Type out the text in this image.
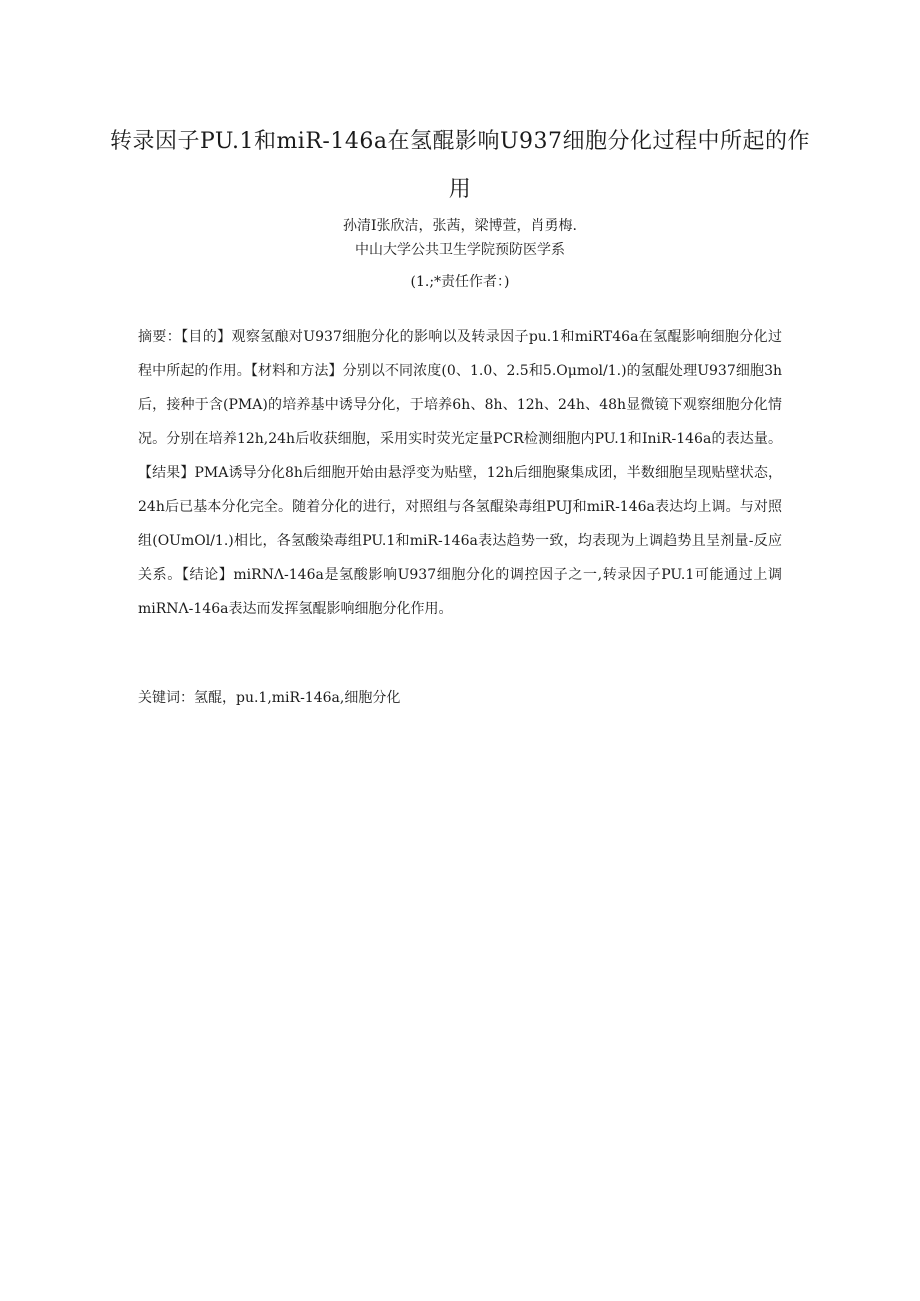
转录因子PU.1和miR-146a在氢醌影响U937细胞分化过程中所起的作用
孙清I张欣洁，张茜，梁博萱，肖勇梅.
中山大学公共卫生学院预防医学系
(1.;*责任作者：)

摘要：【目的】观察氢酿对U937细胞分化的影响以及转录因子pu.1和miRT46a在氢醌影响细胞分化过程中所起的作用。【材料和方法】分别以不同浓度(0、1.0、2.5和5.Oμmol/1.)的氢醌处理U937细胞3h后，接种于含(PMA)的培养基中诱导分化，于培养6h、8h、12h、24h、48h显微镜下观察细胞分化情况。分别在培养12h,24h后收获细胞，采用实时荧光定量PCR检测细胞内PU.1和IniR-146a的表达量。【结果】PMA诱导分化8h后细胞开始由悬浮变为贴壁，12h后细胞聚集成团，半数细胞呈现贴壁状态，24h后已基本分化完全。随着分化的进行，对照组与各氢醌染毒组PUJ和miR-146a表达均上调。与对照组(OUmOl/1.)相比，各氢酸染毒组PU.1和miR-146a表达趋势一致，均表现为上调趋势且呈剂量-反应关系。【结论】miRNΛ-146a是氢酸影响U937细胞分化的调控因子之一,转录因子PU.1可能通过上调miRNΛ-146a表达而发挥氢醌影响细胞分化作用。

关键词：氢醌，pu.1,miR-146a,细胞分化
